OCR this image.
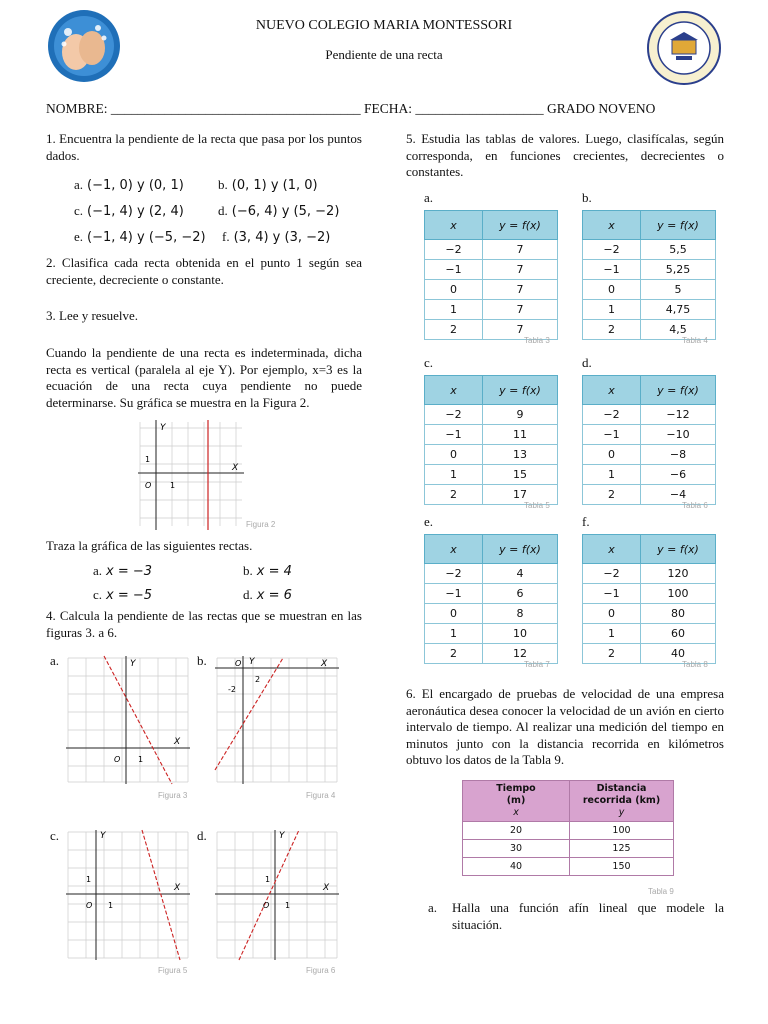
NUEVO COLEGIO MARIA MONTESSORI
Pendiente de una recta
NOMBRE: _____________________________________ FECHA: ___________________ GRADO NOVENO
1. Encuentra la pendiente de la recta que pasa por los puntos dados.
a. (−1, 0) y (0, 1)	b. (0, 1) y (1, 0)
c. (−1, 4) y (2, 4)	d. (−6, 4) y (5, −2)
e. (−1, 4) y (−5, −2) f. (3, 4) y (3, −2)
2. Clasifica cada recta obtenida en el punto 1 según sea creciente, decreciente o constante.
3. Lee y resuelve.
Cuando la pendiente de una recta es indeterminada, dicha recta es vertical (paralela al eje Y). Por ejemplo, x=3 es la ecuación de una recta cuya pendiente no puede determinarse. Su gráfica se muestra en la Figura 2.
Y
X
O
1
1
Figura 2
Traza la gráfica de las siguientes rectas.
a. x = −3	b. x = 4
c. x = −5	d. x = 6
4. Calcula la pendiente de las rectas que se muestran en las figuras 3. a 6.
a.	b.
c.	d.
Y
X
O 1
Figura 3
Y	X
O
2
-2
Figura 4
Y
X
O
1
1
Figura 5
Y
X
O
1
1
Figura 6
5. Estudia las tablas de valores. Luego, clasifícalas, según corresponda, en funciones crecientes, decrecientes o constantes.
a.
x	y = f(x)
−2	7
−1	7
0	7
1	7
2	7
Tabla 3
b.
x	y = f(x)
−2	5,5
−1	5,25
0	5
1	4,75
2	4,5
Tabla 4
c.
x	y = f(x)
−2	9
−1	11
0	13
1	15
2	17
Tabla 5
d.
x	y = f(x)
−2	−12
−1	−10
0	−8
1	−6
2	−4
Tabla 6
e.
x	y = f(x)
−2	4
−1	6
0	8
1	10
2	12
Tabla 7
f.
x	y = f(x)
−2	120
−1	100
0	80
1	60
2	40
Tabla 8
6. El encargado de pruebas de velocidad de una empresa aeronáutica desea conocer la velocidad de un avión en cierto intervalo de tiempo. Al realizar una medición del tiempo en minutos junto con la distancia recorrida en kilómetros obtuvo los datos de la Tabla 9.
Tiempo
(m)
x	Distancia
recorrida (km)
y
20	100
30	125
40	150
Tabla 9
a. Halla una función afín lineal que modele la situación.
